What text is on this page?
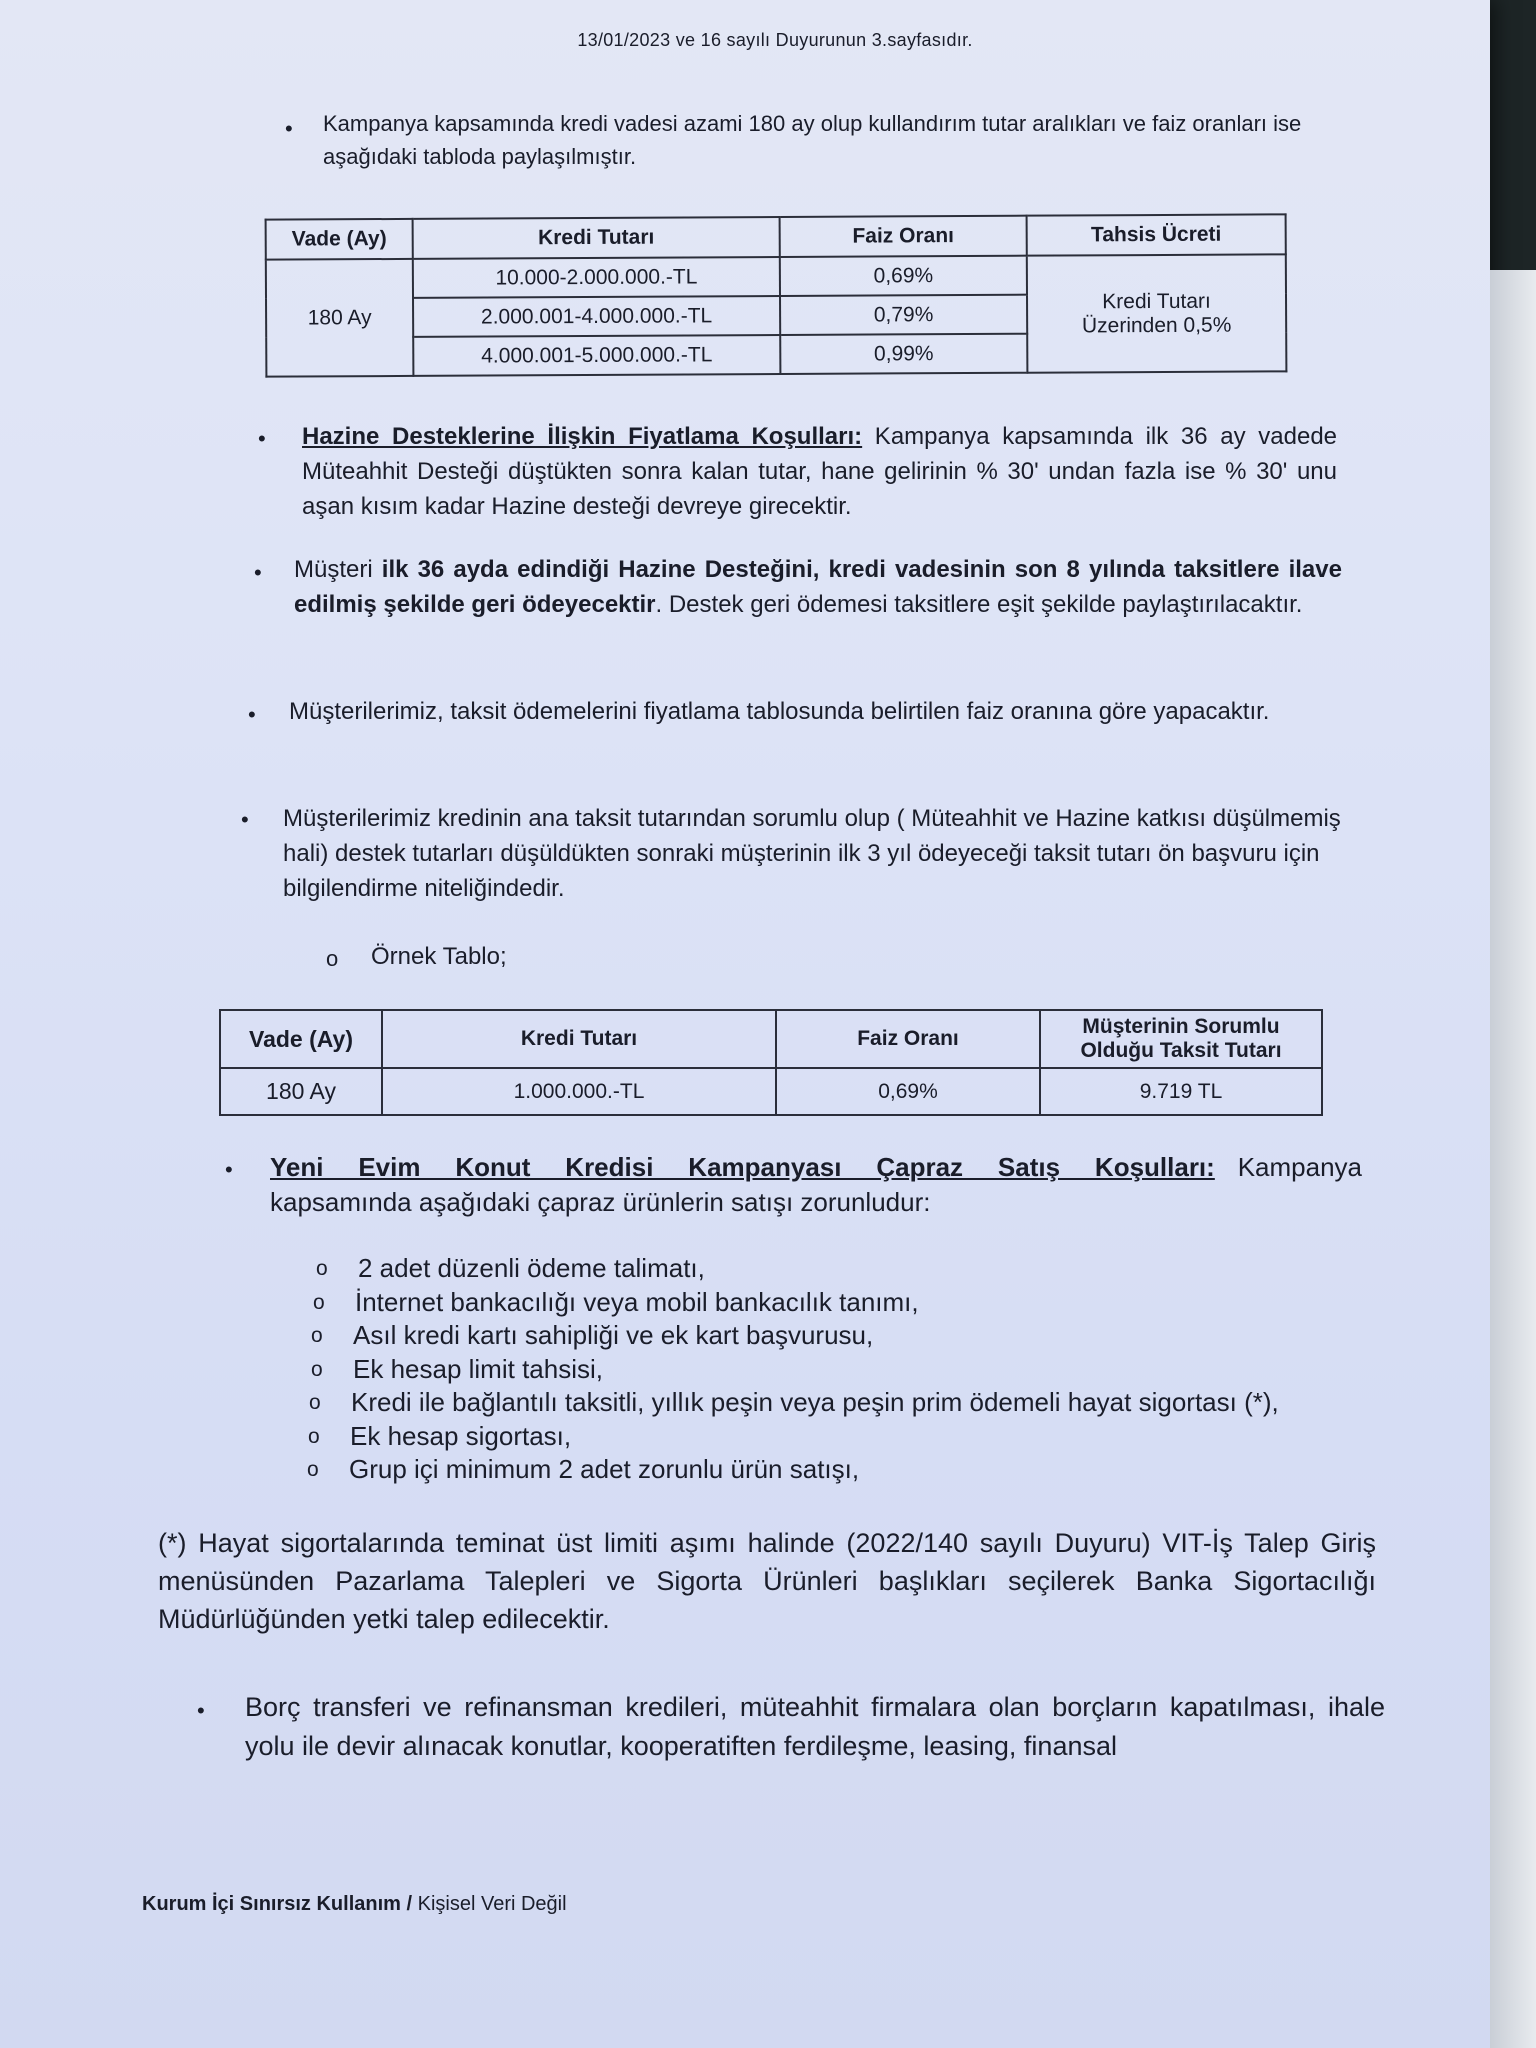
13/01/2023 ve 16 sayılı Duyurunun 3.sayfasıdır.
• Kampanya kapsamında kredi vadesi azami 180 ay olup kullandırım tutar aralıkları ve faiz oranları ise aşağıdaki tabloda paylaşılmıştır.
Vade (Ay)	Kredi Tutarı	Faiz Oranı	Tahsis Ücreti
180 Ay	10.000-2.000.000.-TL	0,69%	Kredi Tutarı
Üzerinden 0,5%

	2.000.001-4.000.000.-TL	0,79%	
	4.000.001-5.000.000.-TL	0,99%	
• Hazine Desteklerine İlişkin Fiyatlama Koşulları: Kampanya kapsamında ilk 36 ay vadede Müteahhit Desteği düştükten sonra kalan tutar, hane gelirinin % 30' undan fazla ise % 30' unu aşan kısım kadar Hazine desteği devreye girecektir.
• Müşteri ilk 36 ayda edindiği Hazine Desteğini, kredi vadesinin son 8 yılında taksitlere ilave edilmiş şekilde geri ödeyecektir. Destek geri ödemesi taksitlere eşit şekilde paylaştırılacaktır.
• Müşterilerimiz, taksit ödemelerini fiyatlama tablosunda belirtilen faiz oranına göre yapacaktır.
• Müşterilerimiz kredinin ana taksit tutarından sorumlu olup ( Müteahhit ve Hazine katkısı düşülmemiş hali) destek tutarları düşüldükten sonraki müşterinin ilk 3 yıl ödeyeceği taksit tutarı ön başvuru için bilgilendirme niteliğindedir.
o Örnek Tablo;
Vade (Ay)	Kredi Tutarı	Faiz Oranı	Müşterinin Sorumlu
Olduğu Taksit Tutarı

180 Ay	1.000.000.-TL	0,69%	9.719 TL
• Yeni Evim Konut Kredisi Kampanyası Çapraz Satış Koşulları: Kampanya kapsamında aşağıdaki çapraz ürünlerin satışı zorunludur:
o 2 adet düzenli ödeme talimatı,
o İnternet bankacılığı veya mobil bankacılık tanımı,
o Asıl kredi kartı sahipliği ve ek kart başvurusu,
o Ek hesap limit tahsisi,
o Kredi ile bağlantılı taksitli, yıllık peşin veya peşin prim ödemeli hayat sigortası (*),
o Ek hesap sigortası,
o Grup içi minimum 2 adet zorunlu ürün satışı,
(*) Hayat sigortalarında teminat üst limiti aşımı halinde (2022/140 sayılı Duyuru) VIT-İş Talep Giriş menüsünden Pazarlama Talepleri ve Sigorta Ürünleri başlıkları seçilerek Banka Sigortacılığı Müdürlüğünden yetki talep edilecektir.
• Borç transferi ve refinansman kredileri, müteahhit firmalara olan borçların kapatılması, ihale yolu ile devir alınacak konutlar, kooperatiften ferdileşme, leasing, finansal
Kurum İçi Sınırsız Kullanım / Kişisel Veri Değil
